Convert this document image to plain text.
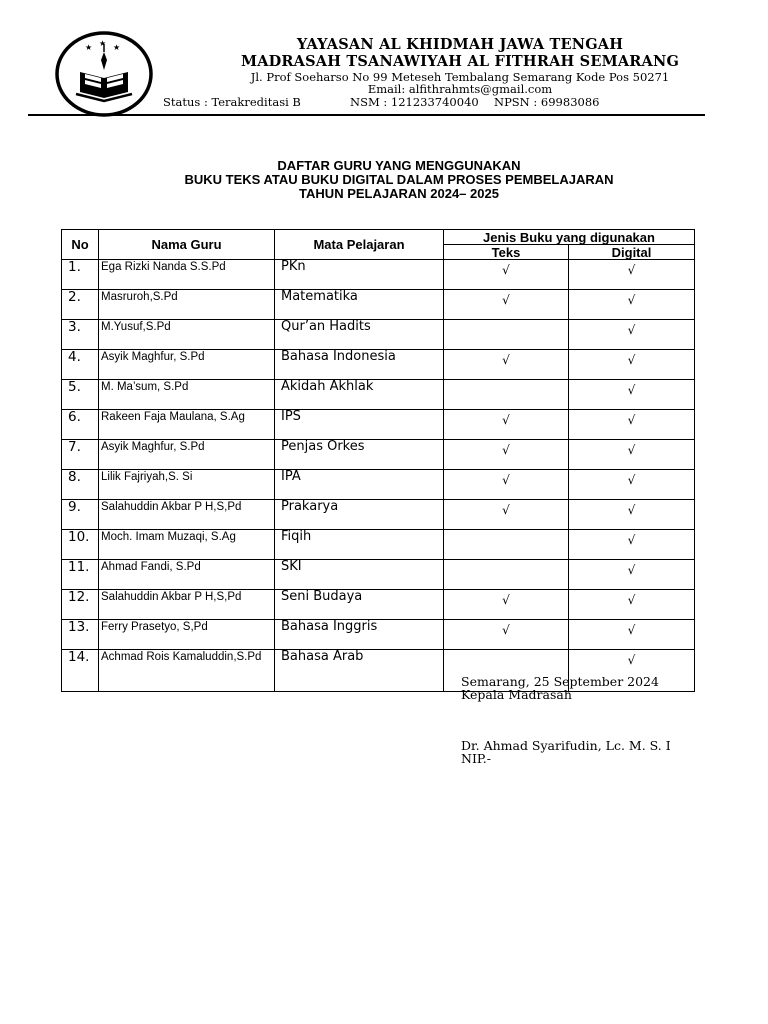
★ ★ ★	YAYASAN AL KHIDMAH JAWA TENGAH
MADRASAH TSANAWIYAH AL FITHRAH SEMARANG
Jl. Prof Soeharso No 99 Meteseh Tembalang Semarang Kode Pos 50271
Email: alfithrahmts@gmail.com
Status : Terakreditasi B	NSM : 121233740040 NPSN : 69983086
DAFTAR GURU YANG MENGGUNAKAN
BUKU TEKS ATAU BUKU DIGITAL DALAM PROSES PEMBELAJARAN
TAHUN PELAJARAN 2024– 2025
No	Nama Guru	Mata Pelajaran	Jenis Buku yang digunakan	
			Teks	Digital
1.	Ega Rizki Nanda S.S.Pd	PKn	√	√
2.	Masruroh,S.Pd	Matematika	√	√
3.	M.Yusuf,S.Pd	Qur’an Hadits		√
4.	Asyik Maghfur, S.Pd	Bahasa Indonesia	√	√
5.	M. Ma’sum, S.Pd	Akidah Akhlak		√
6.	Rakeen Faja Maulana, S.Ag	IPS	√	√
7.	Asyik Maghfur, S.Pd	Penjas Orkes	√	√
8.	Lilik Fajriyah,S. Si	IPA	√	√
9.	Salahuddin Akbar P H,S,Pd	Prakarya	√	√
10.	Moch. Imam Muzaqi, S.Ag	Fiqih		√
11.	Ahmad Fandi, S.Pd	SKI		√
12.	Salahuddin Akbar P H,S,Pd	Seni Budaya	√	√
13.	Ferry Prasetyo, S,Pd	Bahasa Inggris	√	√
14.	Achmad Rois Kamaluddin,S.Pd	Bahasa Arab		√
Semarang, 25 September 2024
Kepala Madrasah
Dr. Ahmad Syarifudin, Lc. M. S. I
NIP.-
